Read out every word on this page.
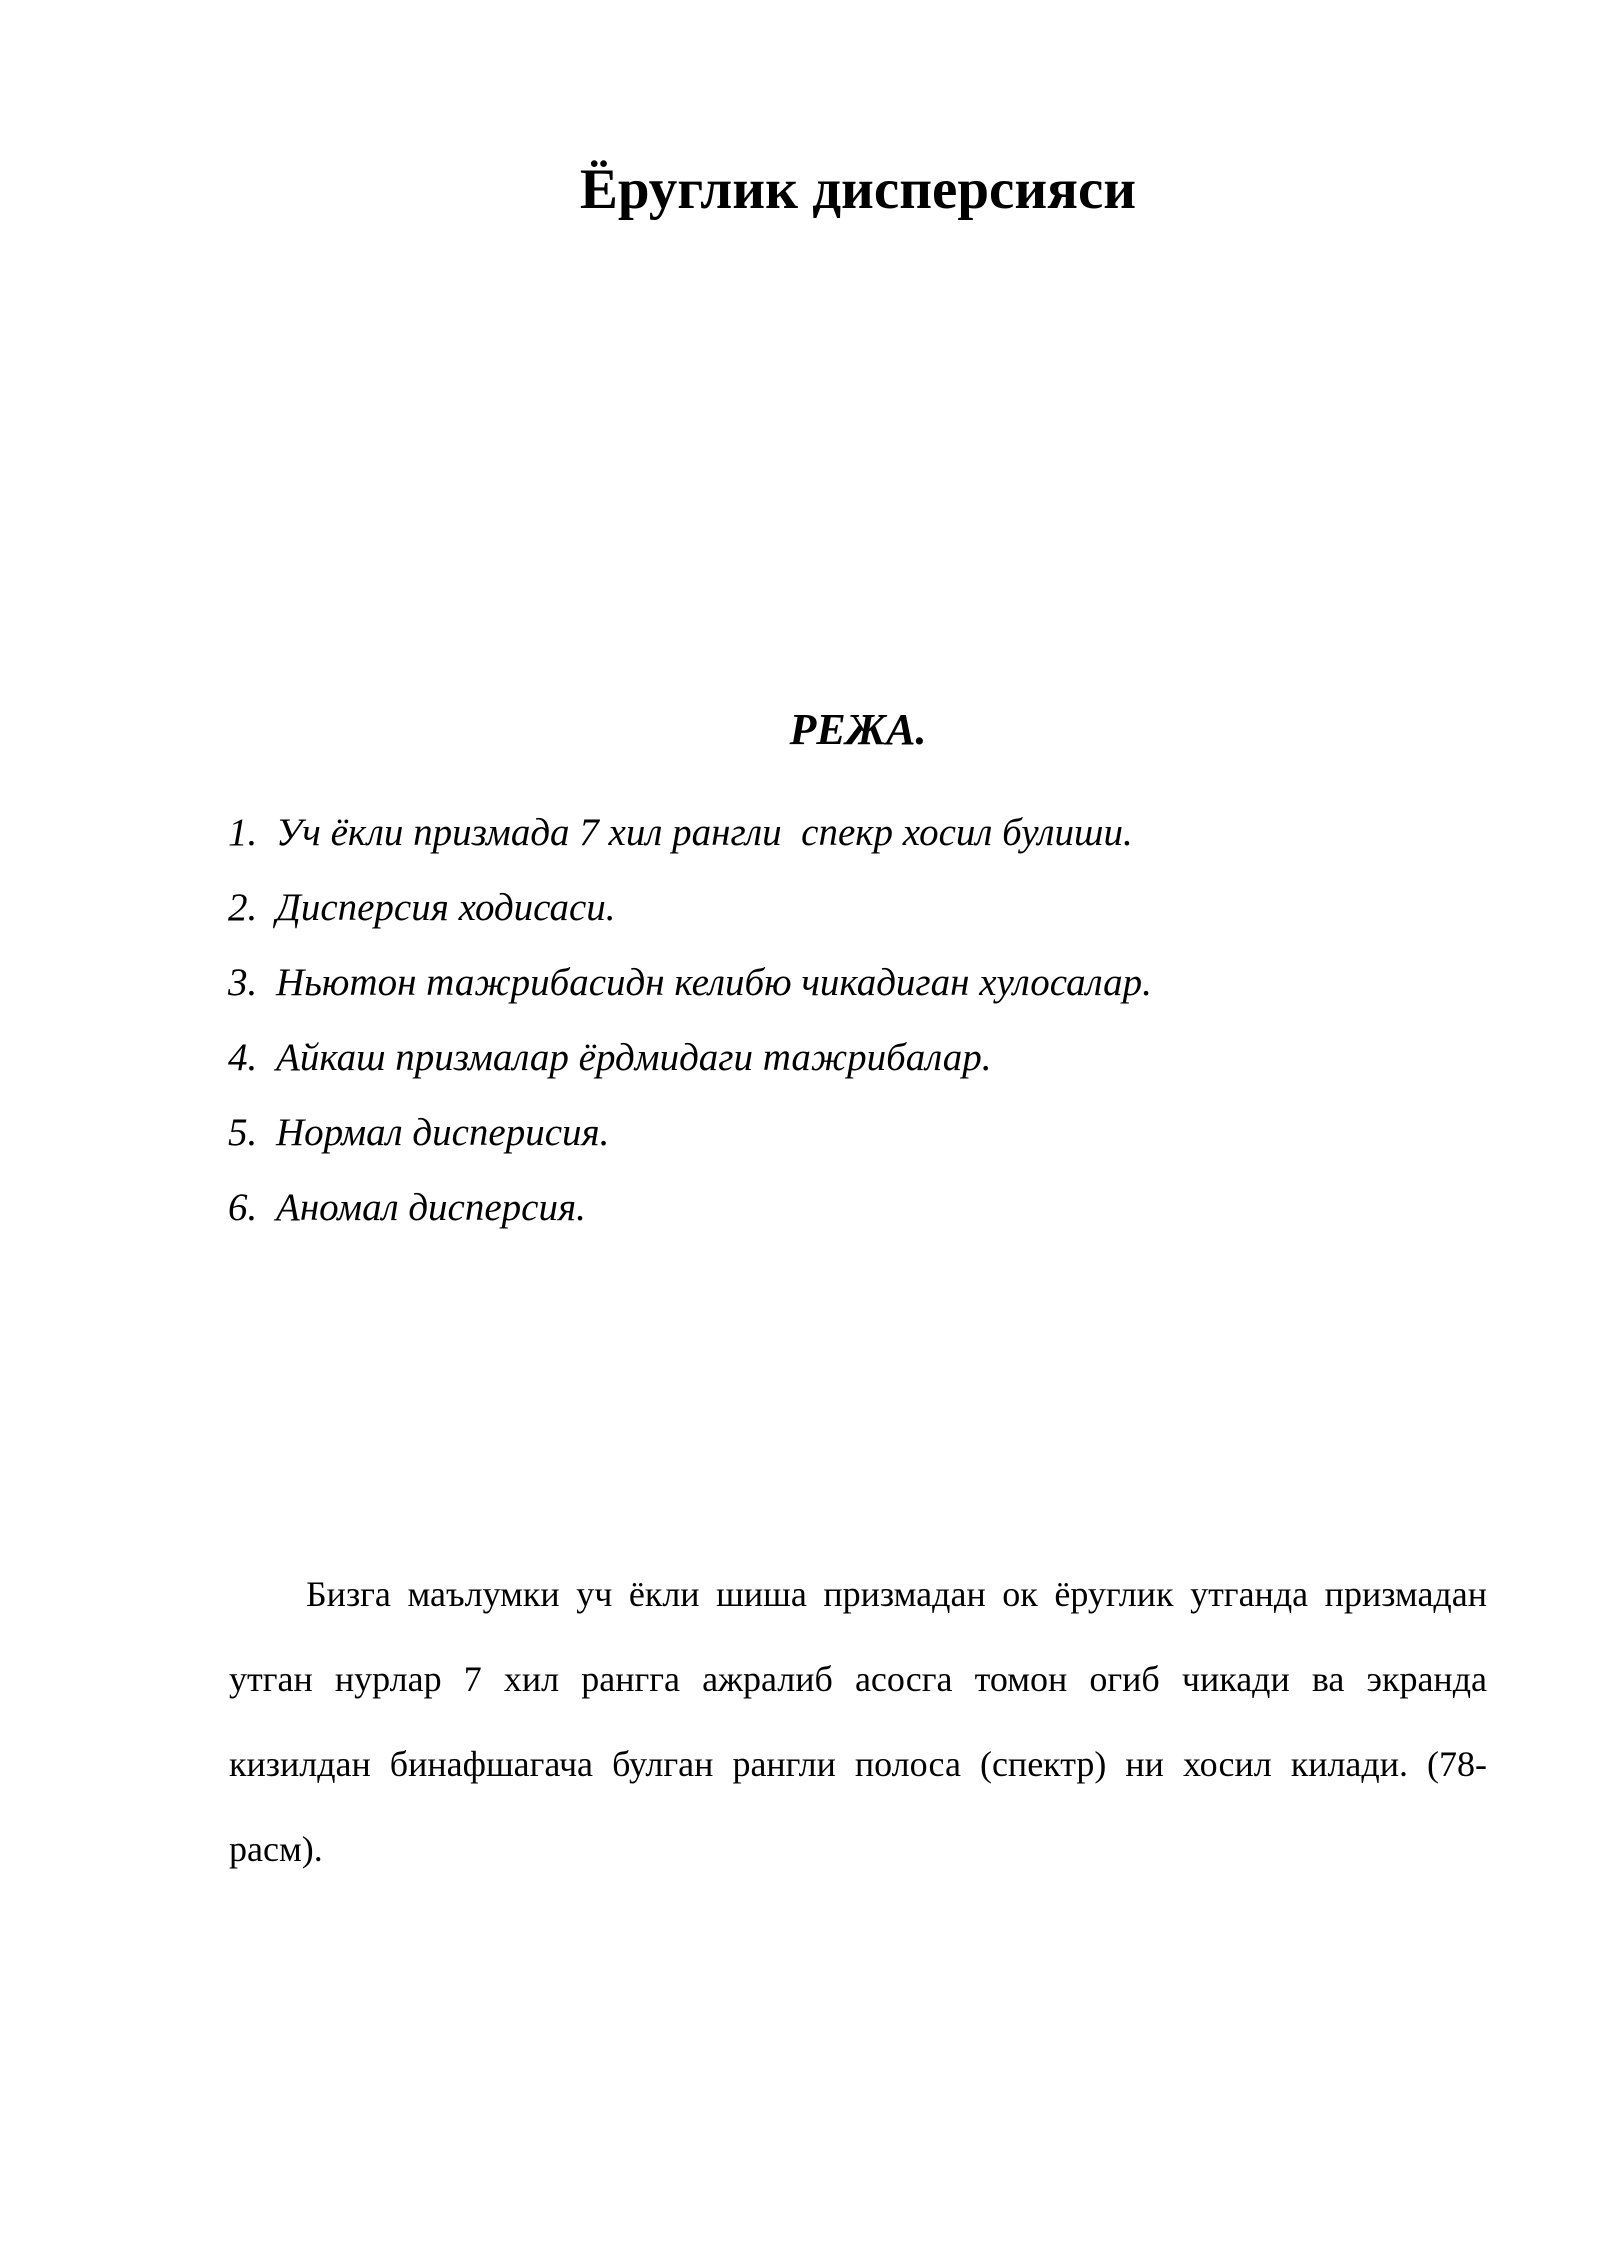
Ёруглик дисперсияси
РЕЖА.
1. Уч ёкли призмада 7 хил рангли  спекр хосил булиши.
2. Дисперсия ходисаси.
3. Ньютон тажрибасидн келибю чикадиган хулосалар.
4. Айкаш призмалар ёрдмидаги тажрибалар.
5. Нормал дисперисия.
6. Аномал дисперсия.

Бизга маълумки уч ёкли шиша призмадан ок ёруглик утганда призмадан утган нурлар 7 хил рангга ажралиб асосга томон огиб чикади ва экранда кизилдан бинафшагача булган рангли полоса (спектр) ни хосил килади. (78-расм).
